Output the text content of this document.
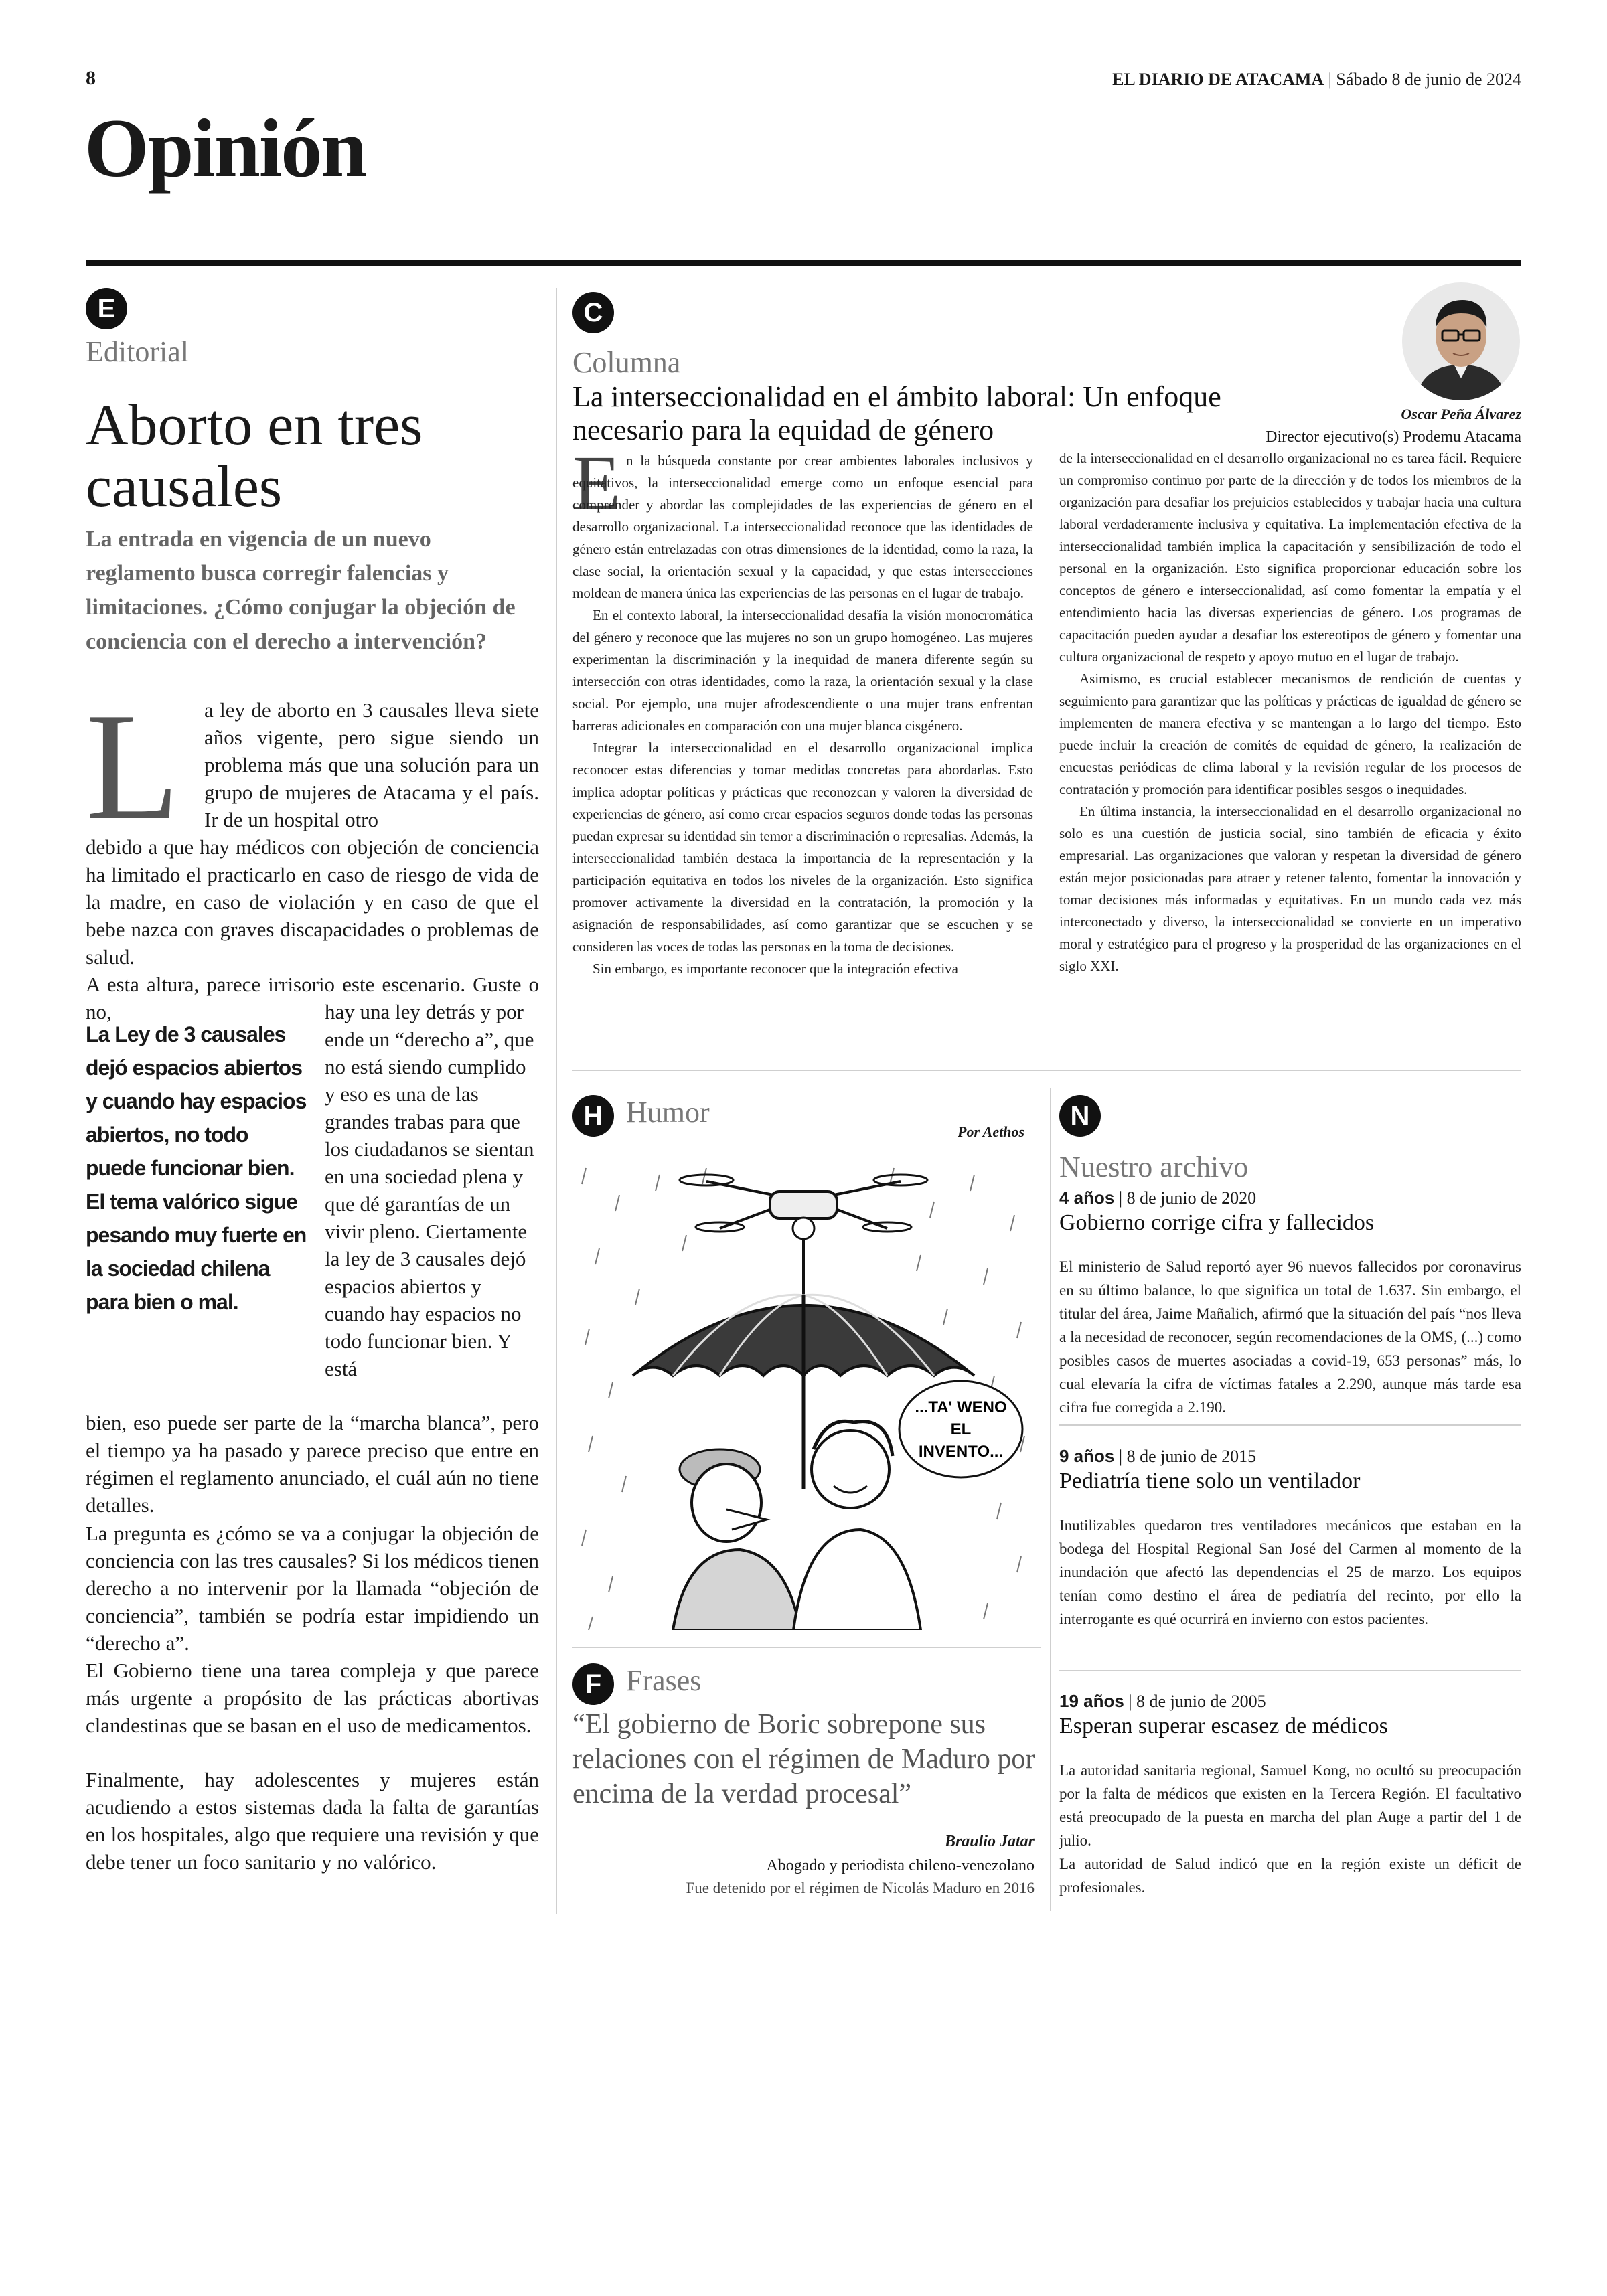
8	EL DIARIO DE ATACAMA | Sábado 8 de junio de 2024
Opinión
E
Editorial
Aborto en tres causales
La entrada en vigencia de un nuevo reglamento busca corregir falencias y limitaciones. ¿Cómo conjugar la objeción de conciencia con el derecho a intervención?
L a ley de aborto en 3 causales lleva siete años vigente, pero sigue siendo un problema más que una solución para un grupo de mujeres de Atacama y el país. Ir de un hospital otro

debido a que hay médicos con objeción de conciencia ha limitado el practicarlo en caso de riesgo de vida de la madre, en caso de violación y en caso de que el bebe nazca con graves discapacidades o problemas de salud.

A esta altura, parece irrisorio este escenario. Guste o no,	hay una ley detrás y por ende un “derecho a”, que no está siendo cumplido y eso es una de las grandes trabas para que los ciudadanos se sientan en una sociedad plena y que dé garantías de un vivir pleno. Ciertamente la ley de 3 causales dejó espacios abiertos y cuando hay espacios no todo funcionar bien. Y está

La Ley de 3 causales dejó espacios abiertos y cuando hay espacios abiertos, no todo puede funcionar bien. El tema valórico sigue pesando muy fuerte en la sociedad chilena para bien o mal.

bien, eso puede ser parte de la “marcha blanca”, pero el tiempo ya ha pasado y parece preciso que entre en régimen el reglamento anunciado, el cuál aún no tiene detalles.

La pregunta es ¿cómo se va a conjugar la objeción de conciencia con las tres causales? Si los médicos tienen derecho a no intervenir por la llamada “objeción de conciencia”, también se podría estar impidiendo un “derecho a”.

El Gobierno tiene una tarea compleja y que parece más urgente a propósito de las prácticas abortivas clandestinas que se basan en el uso de medicamentos.

Finalmente, hay adolescentes y mujeres están acudiendo a estos sistemas dada la falta de garantías en los hospitales, algo que requiere una revisión y que debe tener un foco sanitario y no valórico.

C
Columna
La interseccionalidad en el ámbito laboral: Un enfoque necesario para la equidad de género	Oscar Peña Álvarez
Director ejecutivo(s) Prodemu Atacama
E n la búsqueda constante por crear ambientes laborales inclusivos y equitativos, la interseccionalidad emerge como un enfoque esencial para comprender y abordar las complejidades de las experiencias de género en el desarrollo organizacional. La interseccionalidad reconoce que las identidades de género están entrelazadas con otras dimensiones de la identidad, como la raza, la clase social, la orientación sexual y la capacidad, y que estas intersecciones moldean de manera única las experiencias de las personas en el lugar de trabajo.

En el contexto laboral, la interseccionalidad desafía la visión monocromática del género y reconoce que las mujeres no son un grupo homogéneo. Las mujeres experimentan la discriminación y la inequidad de manera diferente según su intersección con otras identidades, como la raza, la orientación sexual y la clase social. Por ejemplo, una mujer afrodescendiente o una mujer trans enfrentan barreras adicionales en comparación con una mujer blanca cisgénero.

Integrar la interseccionalidad en el desarrollo organizacional implica reconocer estas diferencias y tomar medidas concretas para abordarlas. Esto implica adoptar políticas y prácticas que reconozcan y valoren la diversidad de experiencias de género, así como crear espacios seguros donde todas las personas puedan expresar su identidad sin temor a discriminación o represalias. Además, la interseccionalidad también destaca la importancia de la representación y la participación equitativa en todos los niveles de la organización. Esto significa promover activamente la diversidad en la contratación, la promoción y la asignación de responsabilidades, así como garantizar que se escuchen y se consideren las voces de todas las personas en la toma de decisiones.

Sin embargo, es importante reconocer que la integración efectiva

de la interseccionalidad en el desarrollo organizacional no es tarea fácil. Requiere un compromiso continuo por parte de la dirección y de todos los miembros de la organización para desafiar los prejuicios establecidos y trabajar hacia una cultura laboral verdaderamente inclusiva y equitativa. La implementación efectiva de la interseccionalidad también implica la capacitación y sensibilización de todo el personal en la organización. Esto significa proporcionar educación sobre los conceptos de género e interseccionalidad, así como fomentar la empatía y el entendimiento hacia las diversas experiencias de género. Los programas de capacitación pueden ayudar a desafiar los estereotipos de género y fomentar una cultura organizacional de respeto y apoyo mutuo en el lugar de trabajo.

Asimismo, es crucial establecer mecanismos de rendición de cuentas y seguimiento para garantizar que las políticas y prácticas de igualdad de género se implementen de manera efectiva y se mantengan a lo largo del tiempo. Esto puede incluir la creación de comités de equidad de género, la realización de encuestas periódicas de clima laboral y la revisión regular de los procesos de contratación y promoción para identificar posibles sesgos o inequidades.

En última instancia, la interseccionalidad en el desarrollo organizacional no solo es una cuestión de justicia social, sino también de eficacia y éxito empresarial. Las organizaciones que valoran y respetan la diversidad de género están mejor posicionadas para atraer y retener talento, fomentar la innovación y tomar decisiones más informadas y equitativas. En un mundo cada vez más interconectado y diverso, la interseccionalidad se convierte en un imperativo moral y estratégico para el progreso y la prosperidad de las organizaciones en el siglo XXI.

H Humor
Por Aethos
...TA' WENO
EL
INVENTO...
F Frases
“El gobierno de Boric sobrepone sus relaciones con el régimen de Maduro por encima de la verdad procesal”
Braulio Jatar
Abogado y periodista chileno-venezolano
Fue detenido por el régimen de Nicolás Maduro en 2016
N
Nuestro archivo
4 años | 8 de junio de 2020
Gobierno corrige cifra y fallecidos

El ministerio de Salud reportó ayer 96 nuevos fallecidos por coronavirus en su último balance, lo que significa un total de 1.637. Sin embargo, el titular del área, Jaime Mañalich, afirmó que la situación del país “nos lleva a la necesidad de reconocer, según recomendaciones de la OMS, (...) como posibles casos de muertes asociadas a covid-19, 653 personas” más, lo cual elevaría la cifra de víctimas fatales a 2.290, aunque más tarde esa cifra fue corregida a 2.190.

9 años | 8 de junio de 2015
Pediatría tiene solo un ventilador

Inutilizables quedaron tres ventiladores mecánicos que estaban en la bodega del Hospital Regional San José del Carmen al momento de la inundación que afectó las dependencias el 25 de marzo. Los equipos tenían como destino el área de pediatría del recinto, por ello la interrogante es qué ocurrirá en invierno con estos pacientes.

19 años | 8 de junio de 2005
Esperan superar escasez de médicos

La autoridad sanitaria regional, Samuel Kong, no ocultó su preocupación por la falta de médicos que existen en la Tercera Región. El facultativo está preocupado de la puesta en marcha del plan Auge a partir del 1 de julio.

La autoridad de Salud indicó que en la región existe un déficit de profesionales.
